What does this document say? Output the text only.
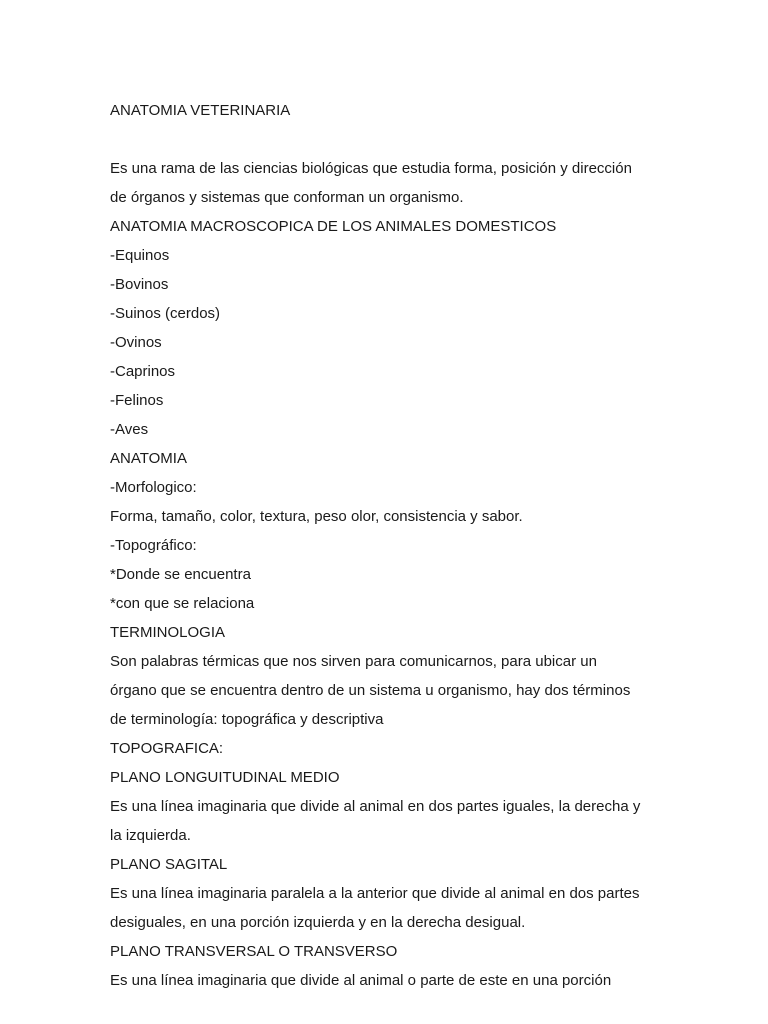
ANATOMIA VETERINARIA
Es una rama de las ciencias biológicas que estudia forma, posición y dirección
de órganos y sistemas que conforman un organismo.
ANATOMIA MACROSCOPICA DE LOS ANIMALES DOMESTICOS
-Equinos
-Bovinos
-Suinos (cerdos)
-Ovinos
-Caprinos
-Felinos
-Aves
ANATOMIA
-Morfologico:
Forma, tamaño, color, textura, peso olor, consistencia y sabor.
-Topográfico:
*Donde se encuentra
*con que se relaciona
TERMINOLOGIA
Son palabras térmicas que nos sirven para comunicarnos, para ubicar un
órgano que se encuentra dentro de un sistema u organismo, hay dos términos
de terminología: topográfica y descriptiva
TOPOGRAFICA:
PLANO LONGUITUDINAL MEDIO
Es una línea imaginaria que divide al animal en dos partes iguales, la derecha y
la izquierda.
PLANO SAGITAL
Es una línea imaginaria paralela a la anterior que divide al animal en dos partes
desiguales, en una porción izquierda y en la derecha desigual.
PLANO TRANSVERSAL O TRANSVERSO
Es una línea imaginaria que divide al animal o parte de este en una porción
